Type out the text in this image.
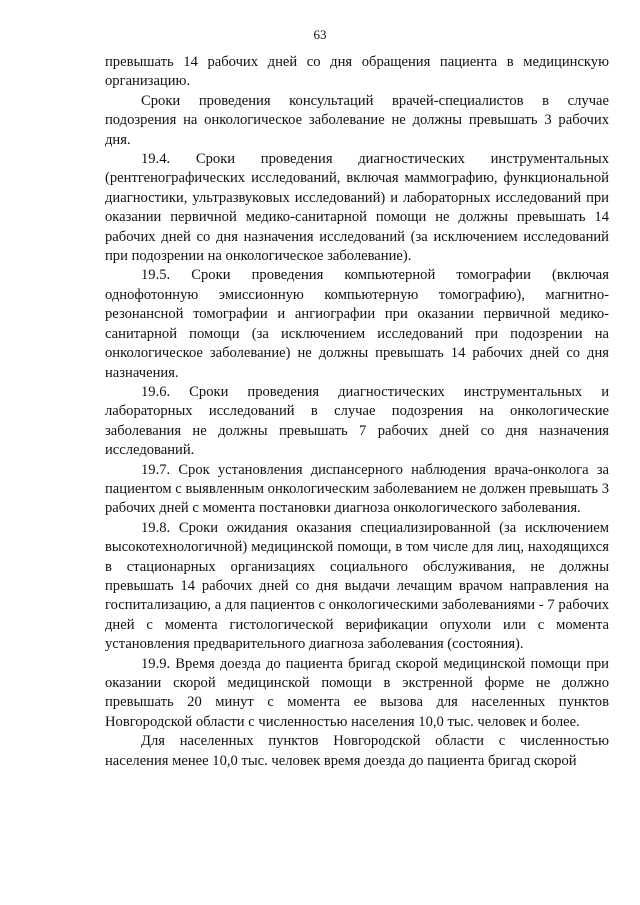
63

превышать 14 рабочих дней со дня обращения пациента в медицинскую организацию.

Сроки проведения консультаций врачей-специалистов в случае подозрения на онкологическое заболевание не должны превышать 3 рабочих дня.

19.4. Сроки проведения диагностических инструментальных (рентгенографических исследований, включая маммографию, функциональной диагностики, ультразвуковых исследований) и лабораторных исследований при оказании первичной медико-санитарной помощи не должны превышать 14 рабочих дней со дня назначения исследований (за исключением исследований при подозрении на онкологическое заболевание).

19.5. Сроки проведения компьютерной томографии (включая однофотонную эмиссионную компьютерную томографию), магнитно-резонансной томографии и ангиографии при оказании первичной медико-санитарной помощи (за исключением исследований при подозрении на онкологическое заболевание) не должны превышать 14 рабочих дней со дня назначения.

19.6. Сроки проведения диагностических инструментальных и лабораторных исследований в случае подозрения на онкологические заболевания не должны превышать 7 рабочих дней со дня назначения исследований.

19.7. Срок установления диспансерного наблюдения врача-онколога за пациентом с выявленным онкологическим заболеванием не должен превышать 3 рабочих дней с момента постановки диагноза онкологического заболевания.

19.8. Сроки ожидания оказания специализированной (за исключением высокотехнологичной) медицинской помощи, в том числе для лиц, находящихся в стационарных организациях социального обслуживания, не должны превышать 14 рабочих дней со дня выдачи лечащим врачом направления на госпитализацию, а для пациентов с онкологическими заболеваниями - 7 рабочих дней с момента гистологической верификации опухоли или с момента установления предварительного диагноза заболевания (состояния).

19.9. Время доезда до пациента бригад скорой медицинской помощи при оказании скорой медицинской помощи в экстренной форме не должно превышать 20 минут с момента ее вызова для населенных пунктов Новгородской области с численностью населения 10,0 тыс. человек и более.

Для населенных пунктов Новгородской области с численностью населения менее 10,0 тыс. человек время доезда до пациента бригад скорой
